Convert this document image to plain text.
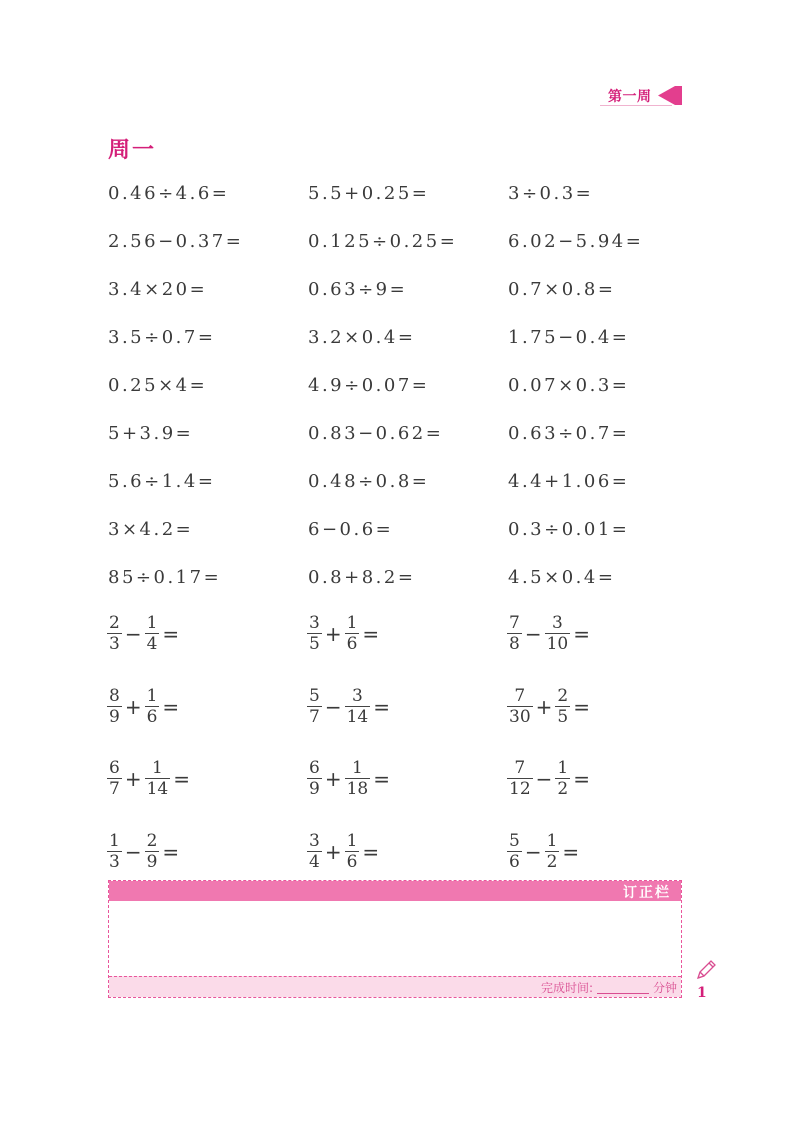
第一周
周一
0.46÷4.6=	5.5+0.25=	3÷0.3=
2.56−0.37=	0.125÷0.25=	6.02−5.94=
3.4×20=	0.63÷9=	0.7×0.8=
3.5÷0.7=	3.2×0.4=	1.75−0.4=
0.25×4=	4.9÷0.07=	0.07×0.3=
5+3.9=	0.83−0.62=	0.63÷0.7=
5.6÷1.4=	0.48÷0.8=	4.4+1.06=
3×4.2=	6−0.6=	0.3÷0.01=
85÷0.17=	0.8+8.2=	4.5×0.4=
$\frac{2}{3} - \frac{1}{4}$ =	$\frac{3}{5} + \frac{1}{6}$ =	$\frac{7}{8} - \frac{3}{10}$ =
$\frac{8}{9} + \frac{1}{6}$ =	$\frac{5}{7} - \frac{3}{14}$ =	$\frac{7}{30} + \frac{2}{5}$ =
$\frac{6}{7} + \frac{1}{14}$ =	$\frac{6}{9} + \frac{1}{18}$ =	$\frac{7}{12} - \frac{1}{2}$ =
$\frac{1}{3} - \frac{2}{9}$ =	$\frac{3}{4} + \frac{1}{6}$ =	$\frac{5}{6} - \frac{1}{2}$ =
订正栏
完成时间:	分钟 1
